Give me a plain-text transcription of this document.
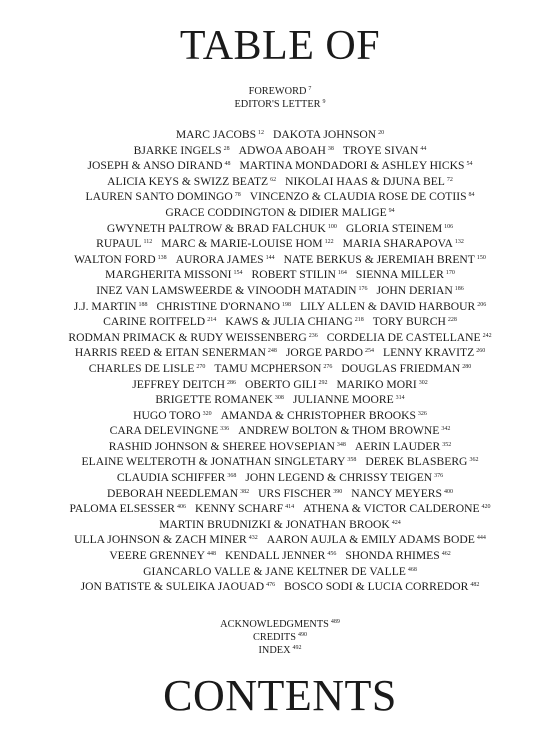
TABLE OF
FOREWORD $^7$
EDITOR'S LETTER $^9$
MARC JACOBS $^{12}$ DAKOTA JOHNSON $^{20}$
BJARKE INGELS $^{28}$ ADWOA ABOAH $^{38}$ TROYE SIVAN $^{44}$
JOSEPH & ANSO DIRAND $^{48}$ MARTINA MONDADORI & ASHLEY HICKS $^{54}$
ALICIA KEYS & SWIZZ BEATZ $^{62}$ NIKOLAI HAAS & DJUNA BEL $^{72}$
LAUREN SANTO DOMINGO $^{78}$ VINCENZO & CLAUDIA ROSE DE COTIIS $^{84}$
GRACE CODDINGTON & DIDIER MALIGE $^{94}$
GWYNETH PALTROW & BRAD FALCHUK $^{100}$ GLORIA STEINEM $^{106}$
RUPAUL $^{112}$ MARC & MARIE-LOUISE HOM $^{122}$ MARIA SHARAPOVA $^{132}$
WALTON FORD $^{138}$ AURORA JAMES $^{144}$ NATE BERKUS & JEREMIAH BRENT $^{150}$
MARGHERITA MISSONI $^{154}$ ROBERT STILIN $^{164}$ SIENNA MILLER $^{170}$
INEZ VAN LAMSWEERDE & VINOODH MATADIN $^{176}$ JOHN DERIAN $^{186}$
J.J. MARTIN $^{188}$ CHRISTINE D'ORNANO $^{198}$ LILY ALLEN & DAVID HARBOUR $^{206}$
CARINE ROITFELD $^{214}$ KAWS & JULIA CHIANG $^{218}$ TORY BURCH $^{228}$
RODMAN PRIMACK & RUDY WEISSENBERG $^{236}$ CORDELIA DE CASTELLANE $^{242}$
HARRIS REED & EITAN SENERMAN $^{248}$ JORGE PARDO $^{254}$ LENNY KRAVITZ $^{260}$
CHARLES DE LISLE $^{270}$ TAMU MCPHERSON $^{276}$ DOUGLAS FRIEDMAN $^{280}$
JEFFREY DEITCH $^{286}$ OBERTO GILI $^{292}$ MARIKO MORI $^{302}$
BRIGETTE ROMANEK $^{308}$ JULIANNE MOORE $^{314}$
HUGO TORO $^{320}$ AMANDA & CHRISTOPHER BROOKS $^{326}$
CARA DELEVINGNE $^{336}$ ANDREW BOLTON & THOM BROWNE $^{342}$
RASHID JOHNSON & SHEREE HOVSEPIAN $^{348}$ AERIN LAUDER $^{352}$
ELAINE WELTEROTH & JONATHAN SINGLETARY $^{358}$ DEREK BLASBERG $^{362}$
CLAUDIA SCHIFFER $^{368}$ JOHN LEGEND & CHRISSY TEIGEN $^{376}$
DEBORAH NEEDLEMAN $^{382}$ URS FISCHER $^{390}$ NANCY MEYERS $^{400}$
PALOMA ELSESSER $^{406}$ KENNY SCHARF $^{414}$ ATHENA & VICTOR CALDERONE $^{420}$
MARTIN BRUDNIZKI & JONATHAN BROOK $^{424}$
ULLA JOHNSON & ZACH MINER $^{432}$ AARON AUJLA & EMILY ADAMS BODE $^{444}$
VEERE GRENNEY $^{448}$ KENDALL JENNER $^{456}$ SHONDA RHIMES $^{462}$
GIANCARLO VALLE & JANE KELTNER DE VALLE $^{468}$
JON BATISTE & SULEIKA JAOUAD $^{476}$ BOSCO SODI & LUCIA CORREDOR $^{482}$
ACKNOWLEDGMENTS $^{489}$
CREDITS $^{490}$
INDEX $^{492}$
CONTENTS
